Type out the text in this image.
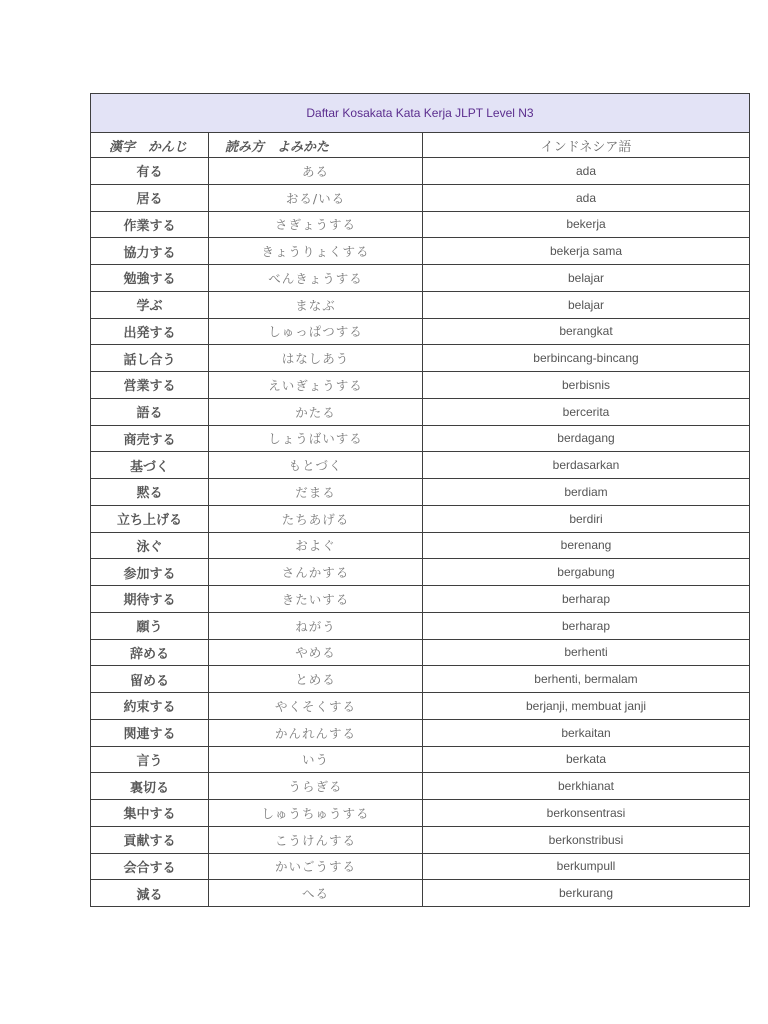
Daftar Kosakata Kata Kerja JLPT Level N3		
漢字　かんじ	読み方　よみかた	インドネシア語
有る	ある	ada
居る	おる/いる	ada
作業する	さぎょうする	bekerja
協力する	きょうりょくする	bekerja sama
勉強する	べんきょうする	belajar
学ぶ	まなぶ	belajar
出発する	しゅっぱつする	berangkat
話し合う	はなしあう	berbincang-bincang
営業する	えいぎょうする	berbisnis
語る	かたる	bercerita
商売する	しょうばいする	berdagang
基づく	もとづく	berdasarkan
黙る	だまる	berdiam
立ち上げる	たちあげる	berdiri
泳ぐ	およぐ	berenang
参加する	さんかする	bergabung
期待する	きたいする	berharap
願う	ねがう	berharap
辞める	やめる	berhenti
留める	とめる	berhenti, bermalam
約束する	やくそくする	berjanji, membuat janji
関連する	かんれんする	berkaitan
言う	いう	berkata
裏切る	うらぎる	berkhianat
集中する	しゅうちゅうする	berkonsentrasi
貢献する	こうけんする	berkonstribusi
会合する	かいごうする	berkumpull
減る	へる	berkurang
